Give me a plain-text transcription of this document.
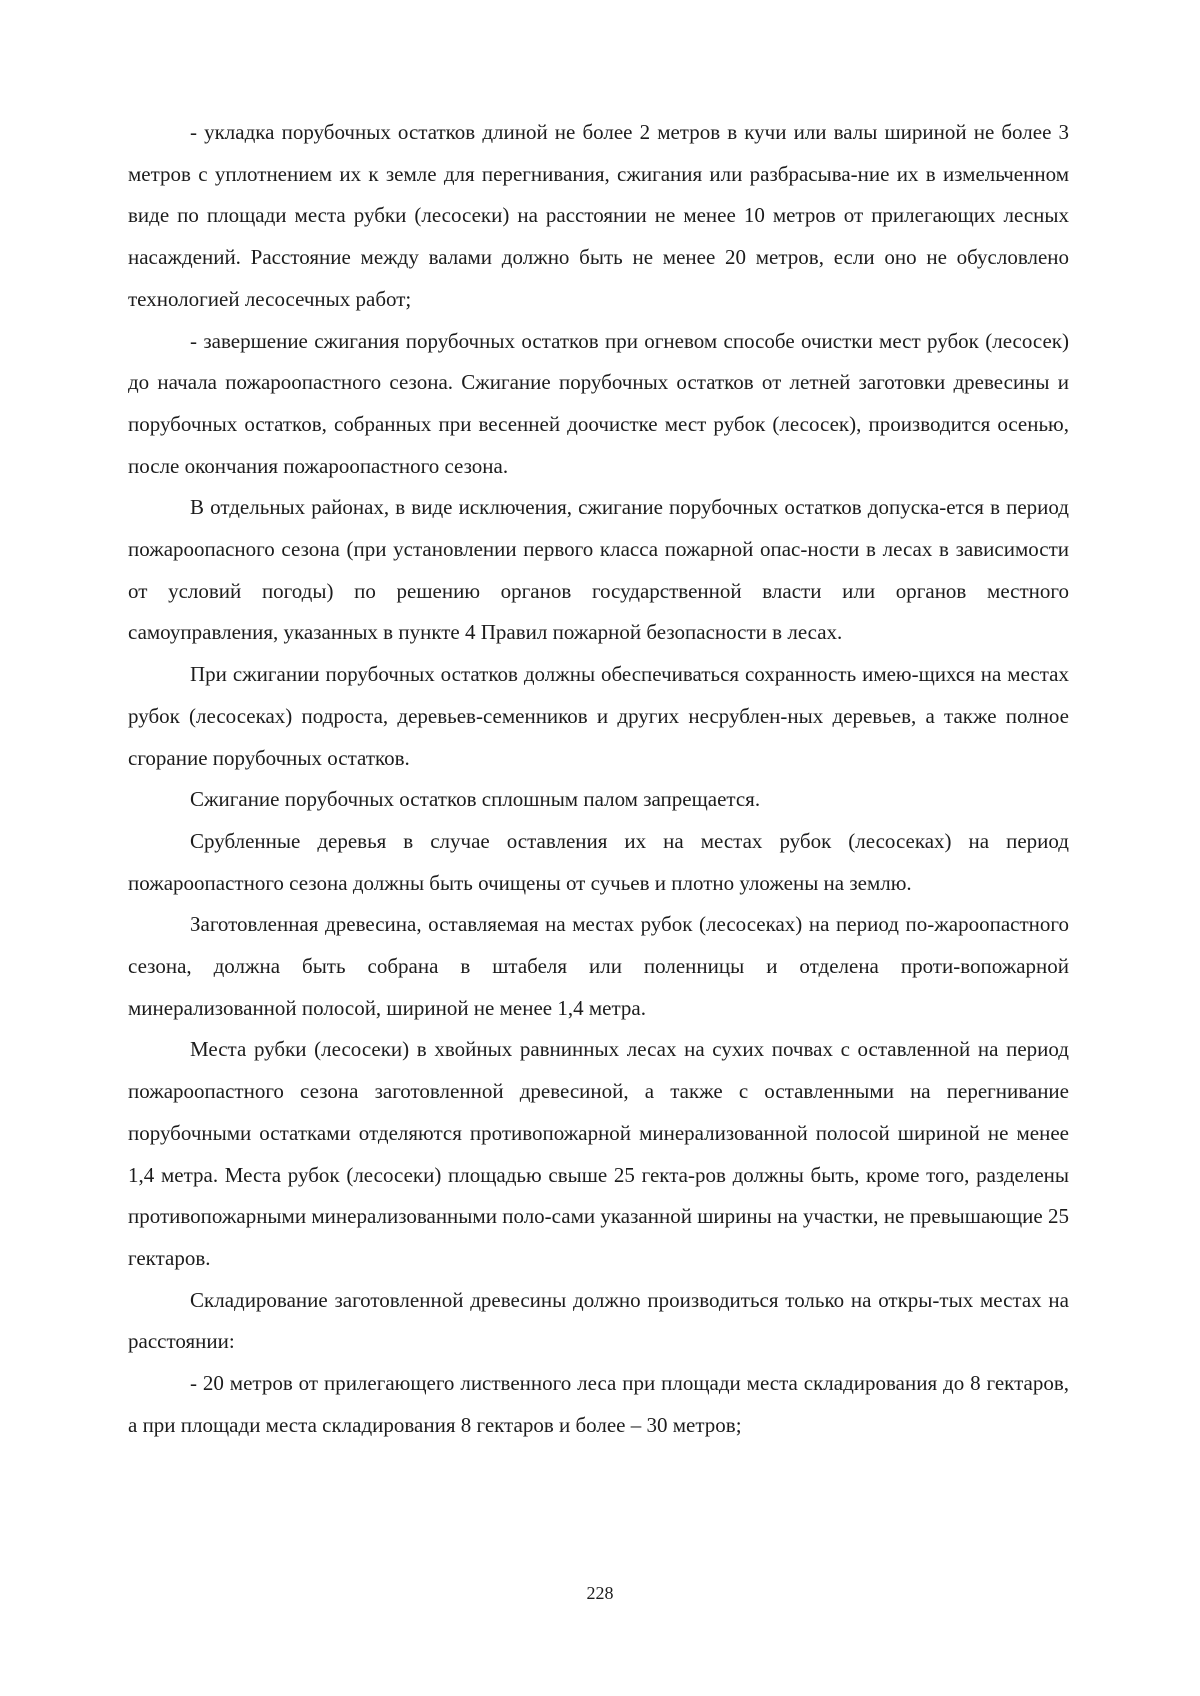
- укладка порубочных остатков длиной не более 2 метров в кучи или валы шириной не более 3 метров с уплотнением их к земле для перегнивания, сжигания или разбрасыва-ние их в измельченном виде по площади места рубки (лесосеки) на расстоянии не менее 10 метров от прилегающих лесных насаждений. Расстояние между валами должно быть не менее 20 метров, если оно не обусловлено технологией лесосечных работ;

- завершение сжигания порубочных остатков при огневом способе очистки мест рубок (лесосек) до начала пожароопастного сезона. Сжигание порубочных остатков от летней заготовки древесины и порубочных остатков, собранных при весенней доочистке мест рубок (лесосек), производится осенью, после окончания пожароопастного сезона.

В отдельных районах, в виде исключения, сжигание порубочных остатков допуска-ется в период пожароопасного сезона (при установлении первого класса пожарной опас-ности в лесах в зависимости от условий погоды) по решению органов государственной власти или органов местного самоуправления, указанных в пункте 4 Правил пожарной безопасности в лесах.

При сжигании порубочных остатков должны обеспечиваться сохранность имею-щихся на местах рубок (лесосеках) подроста, деревьев-семенников и других несрублен-ных деревьев, а также полное сгорание порубочных остатков.

Сжигание порубочных остатков сплошным палом запрещается.

Срубленные деревья в случае оставления их на местах рубок (лесосеках) на период пожароопастного сезона должны быть очищены от сучьев и плотно уложены на землю.

Заготовленная древесина, оставляемая на местах рубок (лесосеках) на период по-жароопастного сезона, должна быть собрана в штабеля или поленницы и отделена проти-вопожарной минерализованной полосой, шириной не менее 1,4 метра.

Места рубки (лесосеки) в хвойных равнинных лесах на сухих почвах с оставленной на период пожароопастного сезона заготовленной древесиной, а также с оставленными на перегнивание порубочными остатками отделяются противопожарной минерализованной полосой шириной не менее 1,4 метра. Места рубок (лесосеки) площадью свыше 25 гекта-ров должны быть, кроме того, разделены противопожарными минерализованными поло-сами указанной ширины на участки, не превышающие 25 гектаров.

Складирование заготовленной древесины должно производиться только на откры-тых местах на расстоянии:

- 20 метров от прилегающего лиственного леса при площади места складирования до 8 гектаров, а при площади места складирования 8 гектаров и более – 30 метров;

228
